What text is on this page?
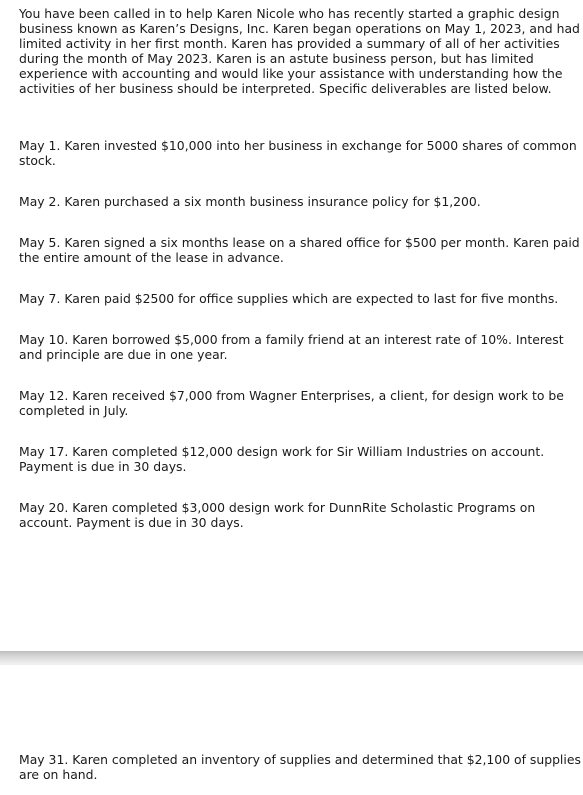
You have been called in to help Karen Nicole who has recently started a graphic design business known as Karen’s Designs, Inc. Karen began operations on May 1, 2023, and had limited activity in her first month. Karen has provided a summary of all of her activities during the month of May 2023. Karen is an astute business person, but has limited experience with accounting and would like your assistance with understanding how the activities of her business should be interpreted. Specific deliverables are listed below.

May 1. Karen invested $10,000 into her business in exchange for 5000 shares of common stock.

May 2. Karen purchased a six month business insurance policy for $1,200.

May 5. Karen signed a six months lease on a shared office for $500 per month. Karen paid the entire amount of the lease in advance.

May 7. Karen paid $2500 for office supplies which are expected to last for five months.

May 10. Karen borrowed $5,000 from a family friend at an interest rate of 10%. Interest and principle are due in one year.

May 12. Karen received $7,000 from Wagner Enterprises, a client, for design work to be completed in July.

May 17. Karen completed $12,000 design work for Sir William Industries on account. Payment is due in 30 days.

May 20. Karen completed $3,000 design work for DunnRite Scholastic Programs on account. Payment is due in 30 days.

May 31. Karen completed an inventory of supplies and determined that $2,100 of supplies are on hand.
